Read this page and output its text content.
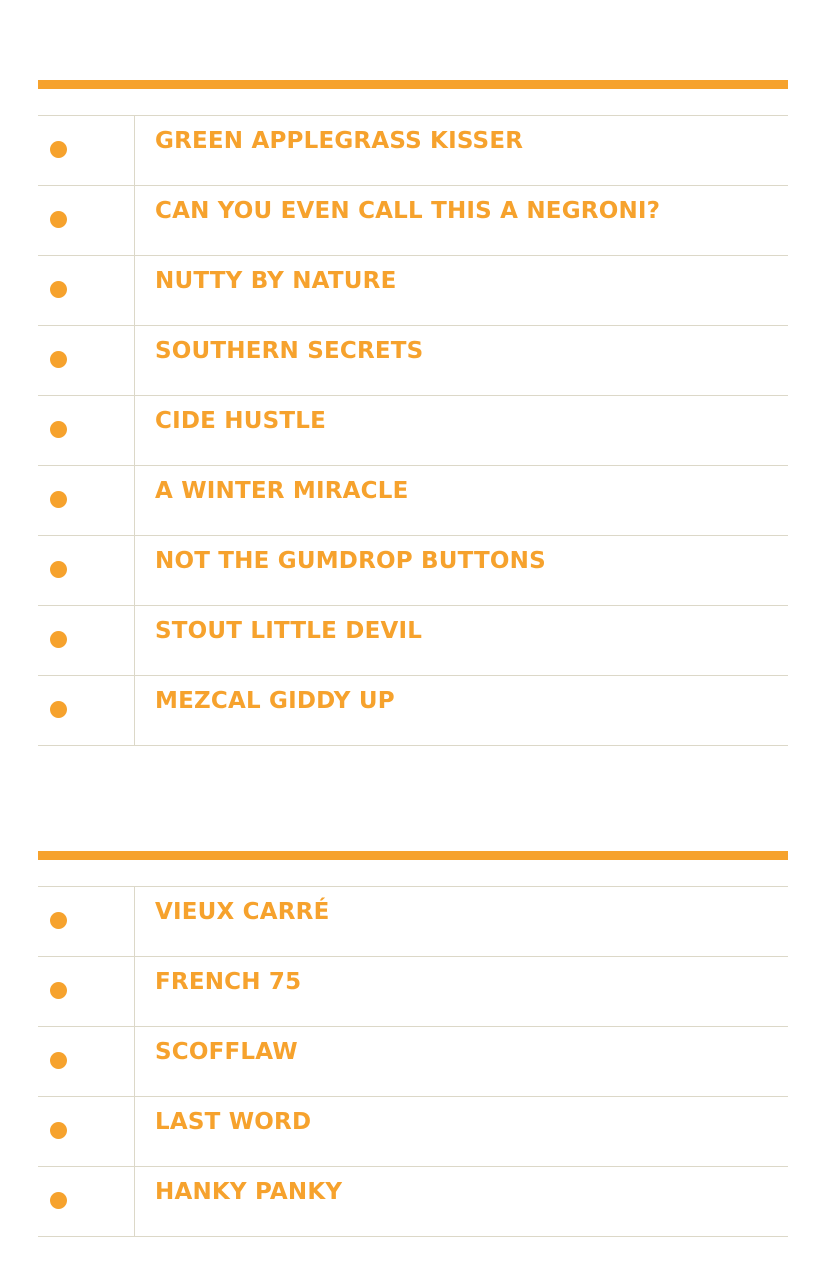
GREEN APPLEGRASS KISSER
CAN YOU EVEN CALL THIS A NEGRONI?
NUTTY BY NATURE
SOUTHERN SECRETS
CIDE HUSTLE
A WINTER MIRACLE
NOT THE GUMDROP BUTTONS
STOUT LITTLE DEVIL
MEZCAL GIDDY UP
VIEUX CARRÉ
FRENCH 75
SCOFFLAW
LAST WORD
HANKY PANKY
